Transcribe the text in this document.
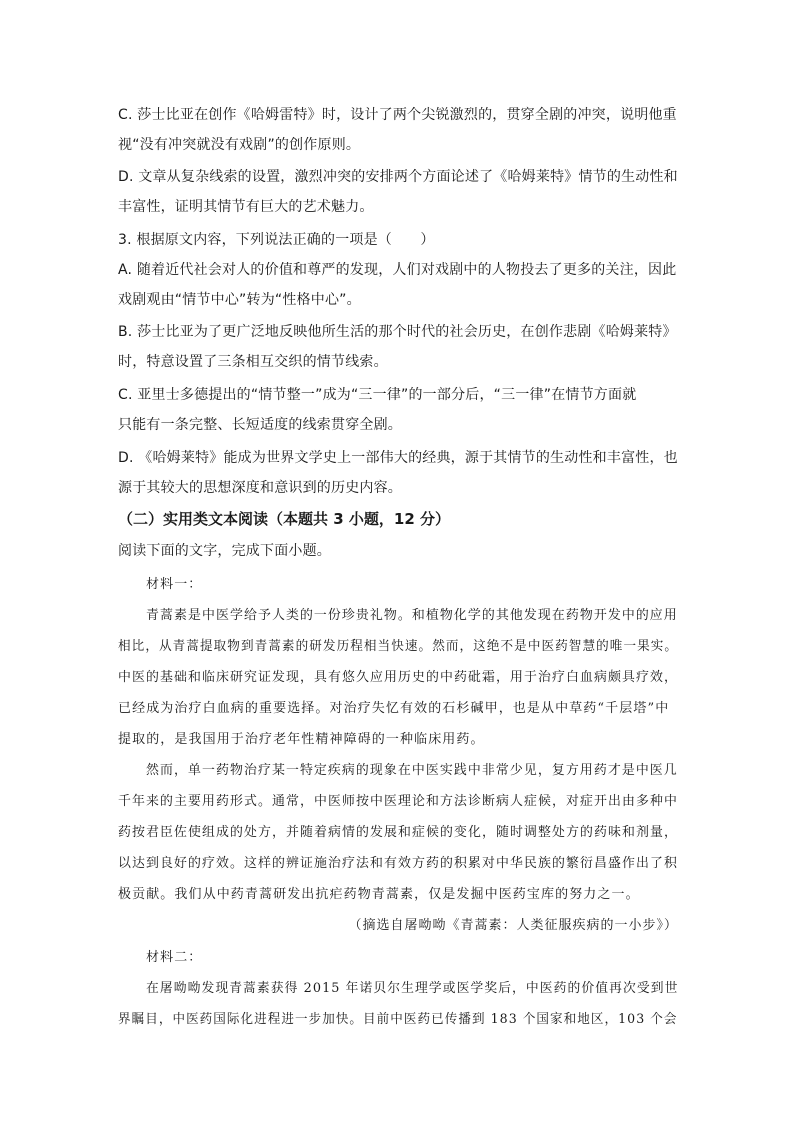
C. 莎士比亚在创作《哈姆雷特》时，设计了两个尖锐激烈的，贯穿全剧的冲突，说明他重
视“没有冲突就没有戏剧”的创作原则。
D. 文章从复杂线索的设置，激烈冲突的安排两个方面论述了《哈姆莱特》情节的生动性和
丰富性，证明其情节有巨大的艺术魅力。
3. 根据原文内容，下列说法正确的一项是（　　）
A. 随着近代社会对人的价值和尊严的发现，人们对戏剧中的人物投去了更多的关注，因此
戏剧观由“情节中心”转为“性格中心”。
B. 莎士比亚为了更广泛地反映他所生活的那个时代的社会历史，在创作悲剧《哈姆莱特》
时，特意设置了三条相互交织的情节线索。
C. 亚里士多德提出的“情节整一”成为“三一律”的一部分后，“三一律”在情节方面就
只能有一条完整、长短适度的线索贯穿全剧。
D. 《哈姆莱特》能成为世界文学史上一部伟大的经典，源于其情节的生动性和丰富性，也
源于其较大的思想深度和意识到的历史内容。
（二）实用类文本阅读（本题共 3 小题，12 分）
阅读下面的文字，完成下面小题。
材料一：
青蒿素是中医学给予人类的一份珍贵礼物。和植物化学的其他发现在药物开发中的应用
相比，从青蒿提取物到青蒿素的研发历程相当快速。然而，这绝不是中医药智慧的唯一果实。
中医的基础和临床研究证发现，具有悠久应用历史的中药砒霜，用于治疗白血病颇具疗效，
已经成为治疗白血病的重要选择。对治疗失忆有效的石杉碱甲，也是从中草药“千层塔”中
提取的，是我国用于治疗老年性精神障碍的一种临床用药。
然而，单一药物治疗某一特定疾病的现象在中医实践中非常少见，复方用药才是中医几
千年来的主要用药形式。通常，中医师按中医理论和方法诊断病人症候，对症开出由多种中
药按君臣佐使组成的处方，并随着病情的发展和症候的变化，随时调整处方的药味和剂量，
以达到良好的疗效。这样的辨证施治疗法和有效方药的积累对中华民族的繁衍昌盛作出了积
极贡献。我们从中药青蒿研发出抗疟药物青蒿素，仅是发掘中医药宝库的努力之一。
（摘选自屠呦呦《青蒿素：人类征服疾病的一小步》）
材料二：
在屠呦呦发现青蒿素获得 2015 年诺贝尔生理学或医学奖后，中医药的价值再次受到世
界瞩目，中医药国际化进程进一步加快。目前中医药已传播到 183 个国家和地区，103 个会
